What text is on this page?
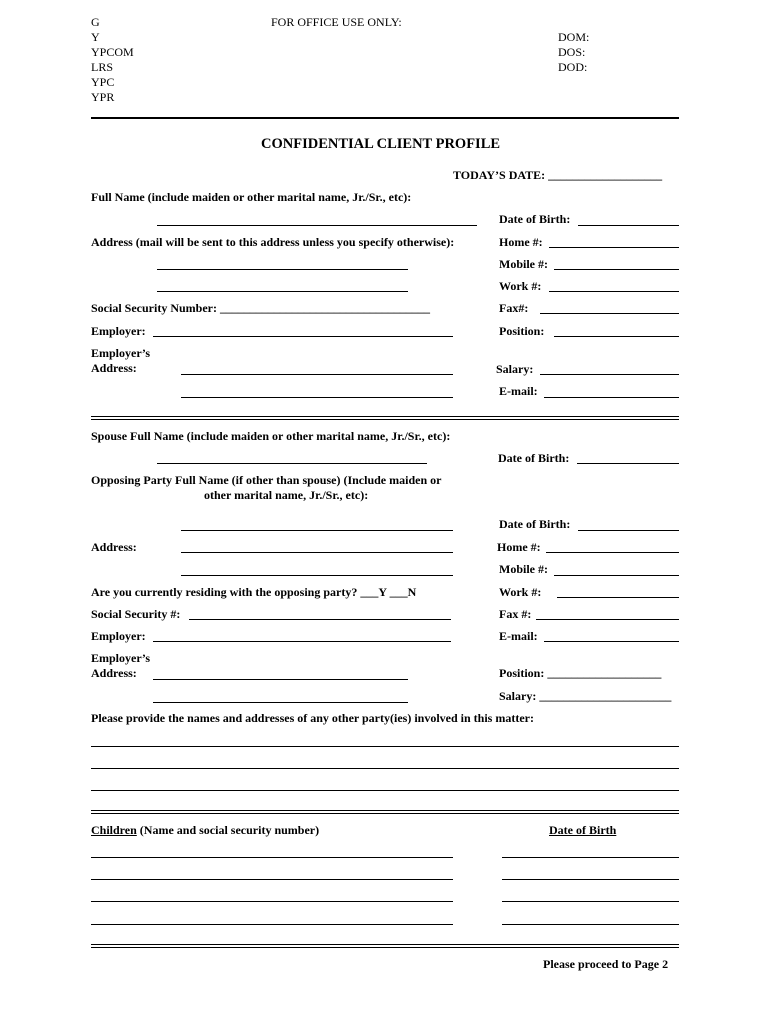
G
Y
YPCOM
LRS
YPC
YPR
FOR OFFICE USE ONLY:
DOM:
DOS:
DOD:
CONFIDENTIAL CLIENT PROFILE
TODAY’S DATE: ___________________
Full Name (include maiden or other marital name, Jr./Sr., etc):
Date of Birth:
Address (mail will be sent to this address unless you specify otherwise):	Home #:
Mobile #:
Work #:
Social Security Number: ___________________________________	Fax#:
Employer:	Position:
Employer’s
Address:	Salary:
E-mail:
Spouse Full Name (include maiden or other marital name, Jr./Sr., etc):
Date of Birth:
Opposing Party Full Name (if other than spouse) (Include maiden or
other marital name, Jr./Sr., etc):
Date of Birth:
Address:	Home #:
Mobile #:
Are you currently residing with the opposing party? ___Y ___N	Work #:
Social Security #:	Fax #:
Employer:	E-mail:
Employer’s
Address:	Position: ___________________
Salary: ______________________
Please provide the names and addresses of any other party(ies) involved in this matter:
Children (Name and social security number)	Date of Birth
Please proceed to Page 2
